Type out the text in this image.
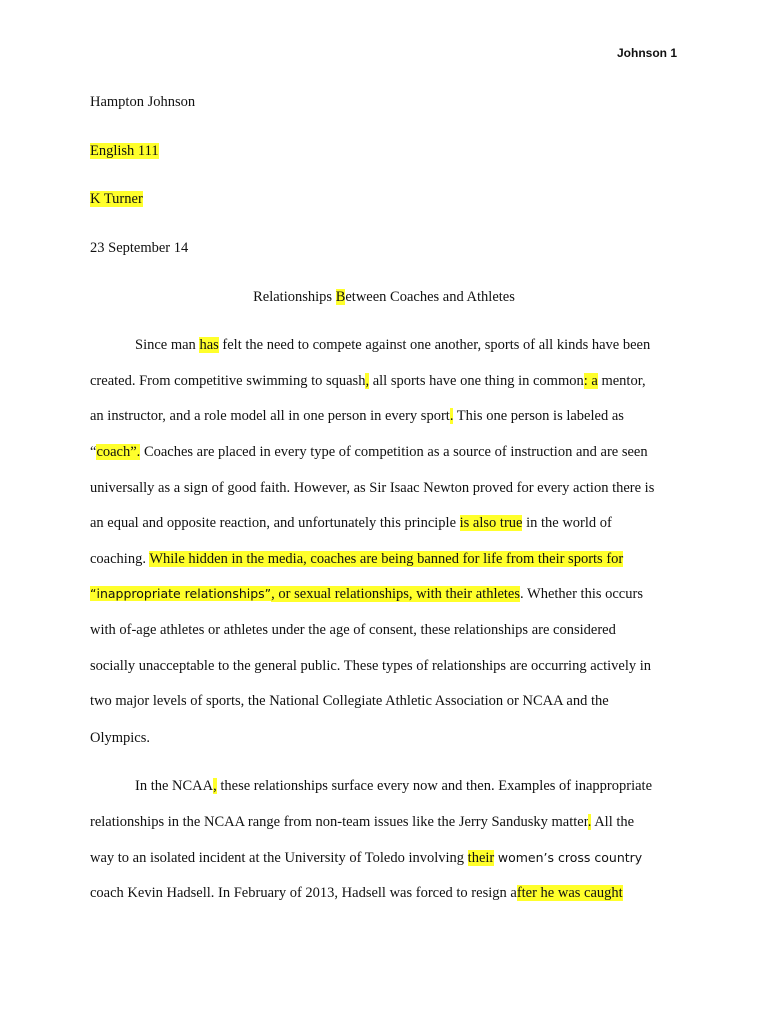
Johnson 1
Hampton Johnson
English 111
K Turner
23 September 14
Relationships Between Coaches and Athletes
Since man has felt the need to compete against one another, sports of all kinds have been
created. From competitive swimming to squash, all sports have one thing in common: a mentor,
an instructor, and a role model all in one person in every sport. This one person is labeled as
“coach”. Coaches are placed in every type of competition as a source of instruction and are seen
universally as a sign of good faith. However, as Sir Isaac Newton proved for every action there is
an equal and opposite reaction, and unfortunately this principle is also true in the world of
coaching. While hidden in the media, coaches are being banned for life from their sports for
“inappropriate relationships”, or sexual relationships, with their athletes. Whether this occurs
with of-age athletes or athletes under the age of consent, these relationships are considered
socially unacceptable to the general public. These types of relationships are occurring actively in
two major levels of sports, the National Collegiate Athletic Association or NCAA and the
Olympics.
In the NCAA, these relationships surface every now and then. Examples of inappropriate
relationships in the NCAA range from non-team issues like the Jerry Sandusky matter. All the
way to an isolated incident at the University of Toledo involving their women’s cross country
coach Kevin Hadsell. In February of 2013, Hadsell was forced to resign after he was caught
